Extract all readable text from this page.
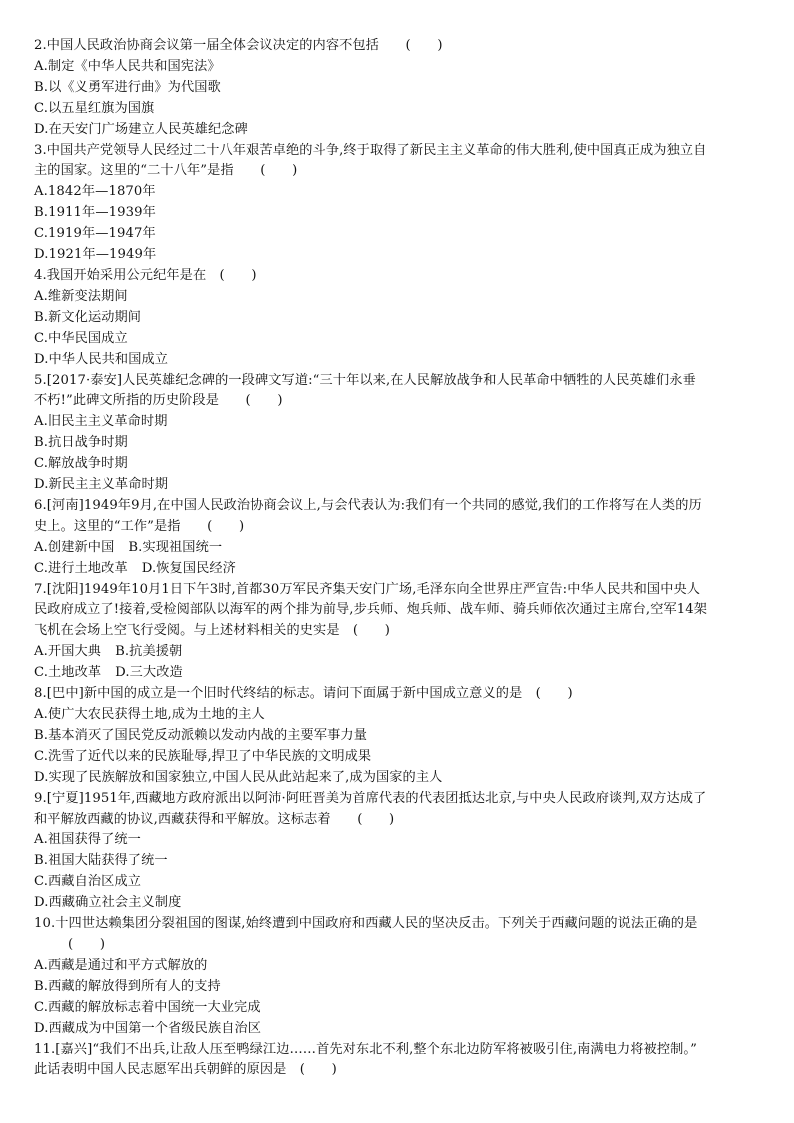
2.中国人民政治协商会议第一届全体会议决定的内容不包括　　(　　)
A.制定《中华人民共和国宪法》
B.以《义勇军进行曲》为代国歌
C.以五星红旗为国旗
D.在天安门广场建立人民英雄纪念碑
3.中国共产党领导人民经过二十八年艰苦卓绝的斗争,终于取得了新民主主义革命的伟大胜利,使中国真正成为独立自
主的国家。这里的“二十八年”是指　　(　　)
A.1842年—1870年
B.1911年—1939年
C.1919年—1947年
D.1921年—1949年
4.我国开始采用公元纪年是在　(　　)
A.维新变法期间
B.新文化运动期间
C.中华民国成立
D.中华人民共和国成立
5.[2017·泰安]人民英雄纪念碑的一段碑文写道:“三十年以来,在人民解放战争和人民革命中牺牲的人民英雄们永垂
不朽!”此碑文所指的历史阶段是　　(　　)
A.旧民主主义革命时期
B.抗日战争时期
C.解放战争时期
D.新民主主义革命时期
6.[河南]1949年9月,在中国人民政治协商会议上,与会代表认为:我们有一个共同的感觉,我们的工作将写在人类的历
史上。这里的“工作”是指　　(　　)
A.创建新中国 B.实现祖国统一
C.进行土地改革 D.恢复国民经济
7.[沈阳]1949年10月1日下午3时,首都30万军民齐集天安门广场,毛泽东向全世界庄严宣告:中华人民共和国中央人
民政府成立了!接着,受检阅部队以海军的两个排为前导,步兵师、炮兵师、战车师、骑兵师依次通过主席台,空军14架
飞机在会场上空飞行受阅。与上述材料相关的史实是　(　　)
A.开国大典 B.抗美援朝
C.土地改革 D.三大改造
8.[巴中]新中国的成立是一个旧时代终结的标志。请问下面属于新中国成立意义的是　(　　)
A.使广大农民获得土地,成为土地的主人
B.基本消灭了国民党反动派赖以发动内战的主要军事力量
C.洗雪了近代以来的民族耻辱,捍卫了中华民族的文明成果
D.实现了民族解放和国家独立,中国人民从此站起来了,成为国家的主人
9.[宁夏]1951年,西藏地方政府派出以阿沛·阿旺晋美为首席代表的代表团抵达北京,与中央人民政府谈判,双方达成了
和平解放西藏的协议,西藏获得和平解放。这标志着　　(　　)
A.祖国获得了统一
B.祖国大陆获得了统一
C.西藏自治区成立
D.西藏确立社会主义制度
10.十四世达赖集团分裂祖国的图谋,始终遭到中国政府和西藏人民的坚决反击。下列关于西藏问题的说法正确的是
(　　)
A.西藏是通过和平方式解放的
B.西藏的解放得到所有人的支持
C.西藏的解放标志着中国统一大业完成
D.西藏成为中国第一个省级民族自治区
11.[嘉兴]“我们不出兵,让敌人压至鸭绿江边……首先对东北不利,整个东北边防军将被吸引住,南满电力将被控制。”
此话表明中国人民志愿军出兵朝鲜的原因是　(　　)
